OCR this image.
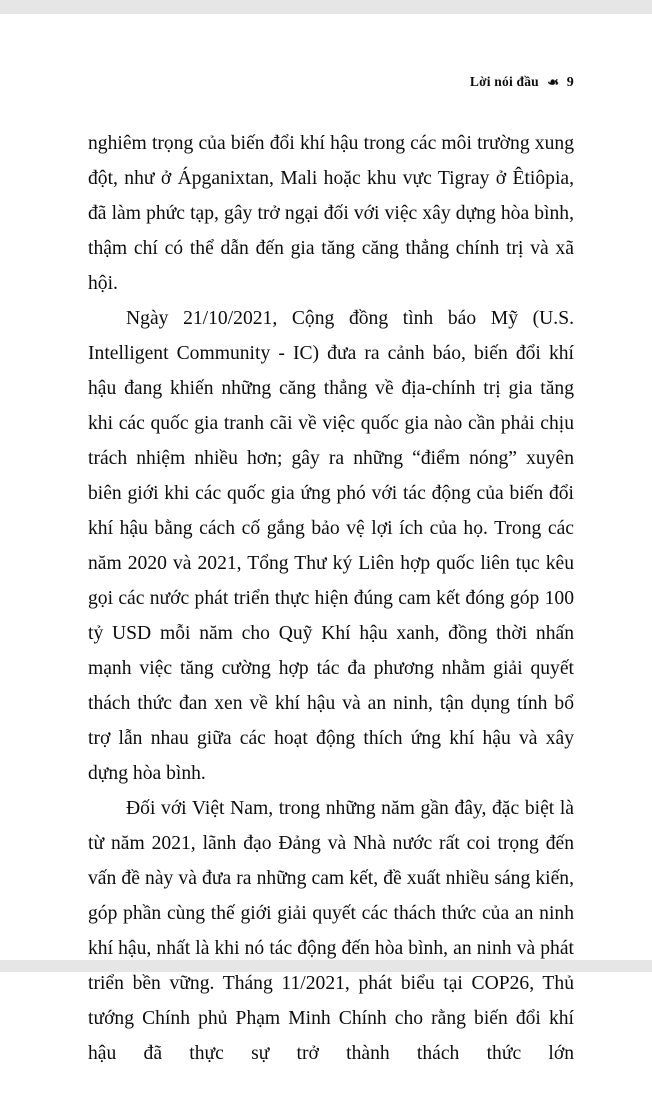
Lời nói đầu ❧ 9

nghiêm trọng của biến đổi khí hậu trong các môi trường xung đột, như ở Ápganixtan, Mali hoặc khu vực Tigray ở Êtiôpia, đã làm phức tạp, gây trở ngại đối với việc xây dựng hòa bình, thậm chí có thể dẫn đến gia tăng căng thẳng chính trị và xã hội.

Ngày 21/10/2021, Cộng đồng tình báo Mỹ (U.S. Intelligent Community - IC) đưa ra cảnh báo, biến đổi khí hậu đang khiến những căng thẳng về địa-chính trị gia tăng khi các quốc gia tranh cãi về việc quốc gia nào cần phải chịu trách nhiệm nhiều hơn; gây ra những “điểm nóng” xuyên biên giới khi các quốc gia ứng phó với tác động của biến đổi khí hậu bằng cách cố gắng bảo vệ lợi ích của họ. Trong các năm 2020 và 2021, Tổng Thư ký Liên hợp quốc liên tục kêu gọi các nước phát triển thực hiện đúng cam kết đóng góp 100 tỷ USD mỗi năm cho Quỹ Khí hậu xanh, đồng thời nhấn mạnh việc tăng cường hợp tác đa phương nhằm giải quyết thách thức đan xen về khí hậu và an ninh, tận dụng tính bổ trợ lẫn nhau giữa các hoạt động thích ứng khí hậu và xây dựng hòa bình.

Đối với Việt Nam, trong những năm gần đây, đặc biệt là từ năm 2021, lãnh đạo Đảng và Nhà nước rất coi trọng đến vấn đề này và đưa ra những cam kết, đề xuất nhiều sáng kiến, góp phần cùng thế giới giải quyết các thách thức của an ninh khí hậu, nhất là khi nó tác động đến hòa bình, an ninh và phát triển bền vững. Tháng 11/2021, phát biểu tại COP26, Thủ tướng Chính phủ Phạm Minh Chính cho rằng biến đổi khí hậu đã thực sự trở thành thách thức lớn
